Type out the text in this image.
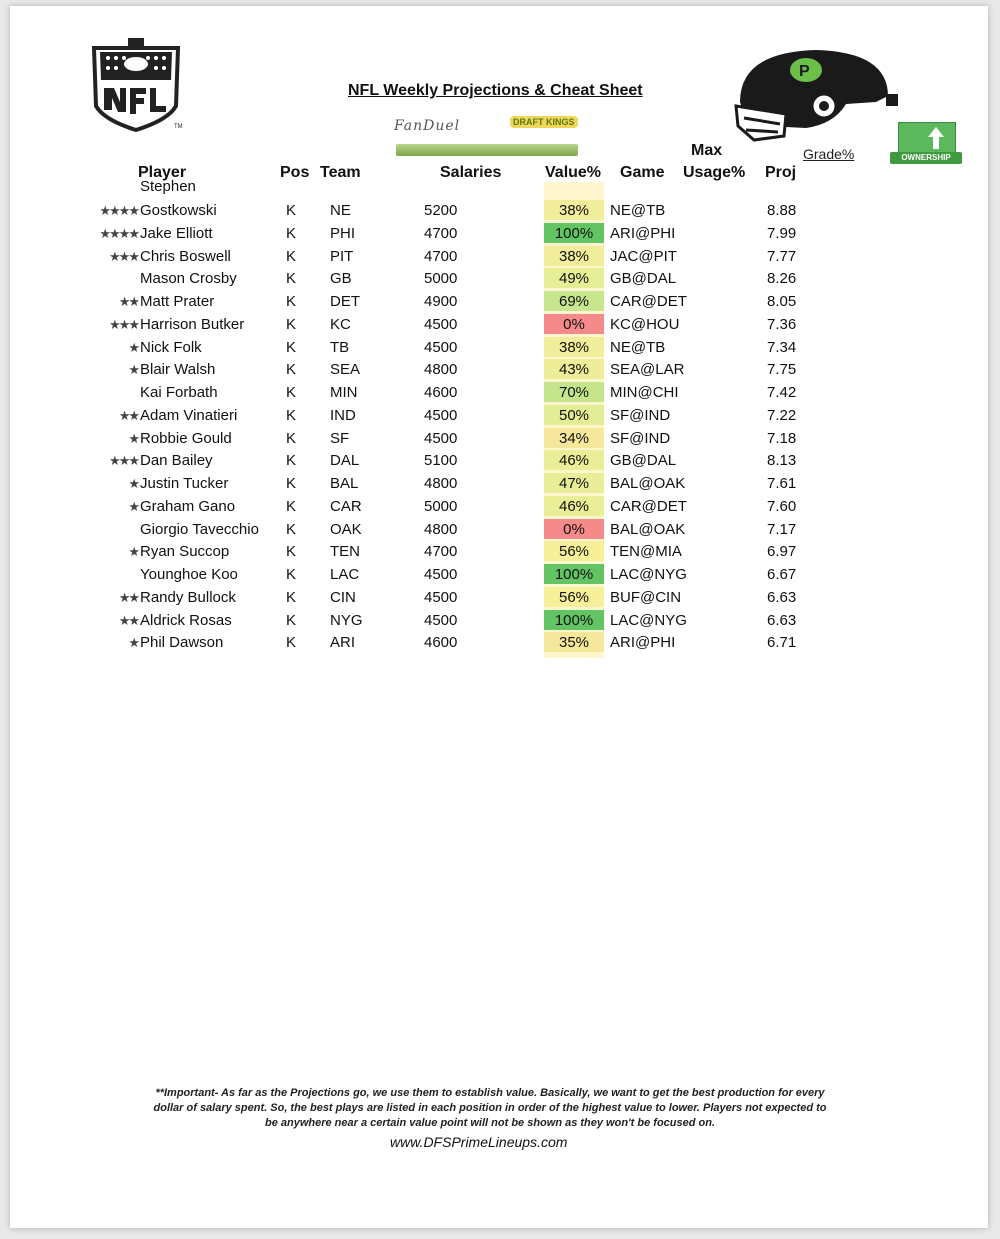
TM
NFL Weekly Projections & Cheat Sheet
FanDuel	DRAFT KINGS
P
Grade%	OWNERSHIP
Player	Pos Team	Salaries	Value% Game
Max
Usage% Proj
Stephen
★★★★ Gostkowski	K NE	5200	38%	NE@TB	8.88
★★★★ Jake Elliott	K PHI	4700	100%	ARI@PHI	7.99
★★★ Chris Boswell	K PIT	4700	38%	JAC@PIT	7.77
Mason Crosby	K GB	5000	49%	GB@DAL	8.26
★★ Matt Prater	K DET	4900	69%	CAR@DET	8.05
★★★ Harrison Butker	K KC	4500	0%	KC@HOU	7.36
★ Nick Folk	K TB	4500	38%	NE@TB	7.34
★ Blair Walsh	K SEA	4800	43%	SEA@LAR	7.75
Kai Forbath	K MIN	4600	70%	MIN@CHI	7.42
★★ Adam Vinatieri	K IND	4500	50%	SF@IND	7.22
★ Robbie Gould	K SF	4500	34%	SF@IND	7.18
★★★ Dan Bailey	K DAL	5100	46%	GB@DAL	8.13
★ Justin Tucker	K BAL	4800	47%	BAL@OAK	7.61
★ Graham Gano	K CAR	5000	46%	CAR@DET	7.60
Giorgio Tavecchio K OAK	4800	0%	BAL@OAK	7.17
★ Ryan Succop	K TEN	4700	56%	TEN@MIA	6.97
Younghoe Koo	K LAC	4500	100%	LAC@NYG	6.67
★★ Randy Bullock	K CIN	4500	56%	BUF@CIN	6.63
★★ Aldrick Rosas	K NYG	4500	100%	LAC@NYG	6.63
★ Phil Dawson	K ARI	4600	35%	ARI@PHI	6.71
**Important- As far as the Projections go, we use them to establish value. Basically, we want to get the best production for every dollar of salary spent. So, the best plays are listed in each position in order of the highest value to lower. Players not expected to be anywhere near a certain value point will not be shown as they won't be focused on.
www.DFSPrimeLineups.com
